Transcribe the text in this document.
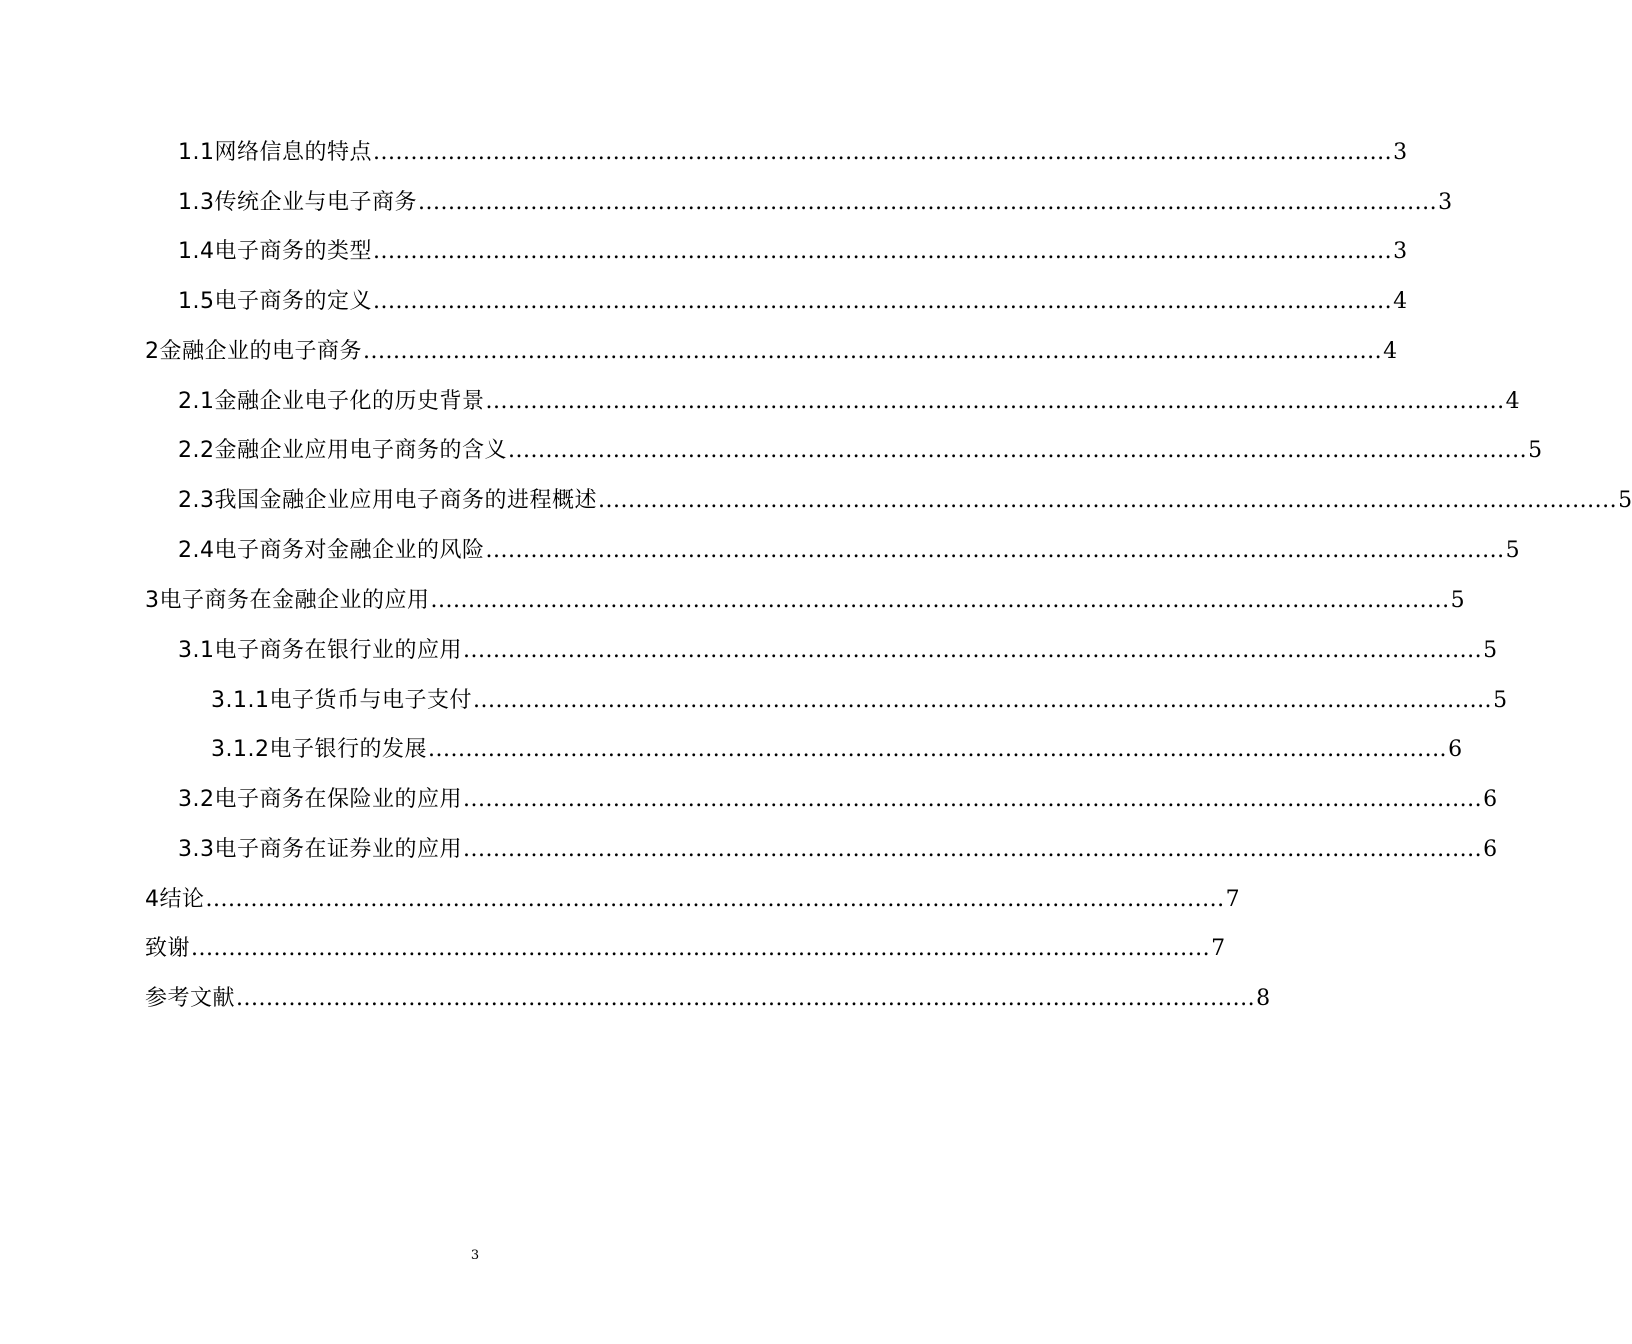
1.1网络信息的特点 ........................................................................................................................................ 3
1.3传统企业与电子商务 ........................................................................................................................................ 3
1.4电子商务的类型 ........................................................................................................................................ 3
1.5电子商务的定义 ........................................................................................................................................ 4
2金融企业的电子商务 ........................................................................................................................................ 4
2.1金融企业电子化的历史背景 ........................................................................................................................................ 4
2.2金融企业应用电子商务的含义 ........................................................................................................................................ 5
2.3我国金融企业应用电子商务的进程概述 ........................................................................................................................................ 5
2.4电子商务对金融企业的风险 ........................................................................................................................................ 5
3电子商务在金融企业的应用 ........................................................................................................................................ 5
3.1电子商务在银行业的应用 ........................................................................................................................................ 5
3.1.1电子货币与电子支付 ........................................................................................................................................ 5
3.1.2电子银行的发展 ........................................................................................................................................ 6
3.2电子商务在保险业的应用 ........................................................................................................................................ 6
3.3电子商务在证券业的应用 ........................................................................................................................................ 6
4结论 ........................................................................................................................................ 7
致谢 ........................................................................................................................................ 7
参考文献 ........................................................................................................................................ 8
3
